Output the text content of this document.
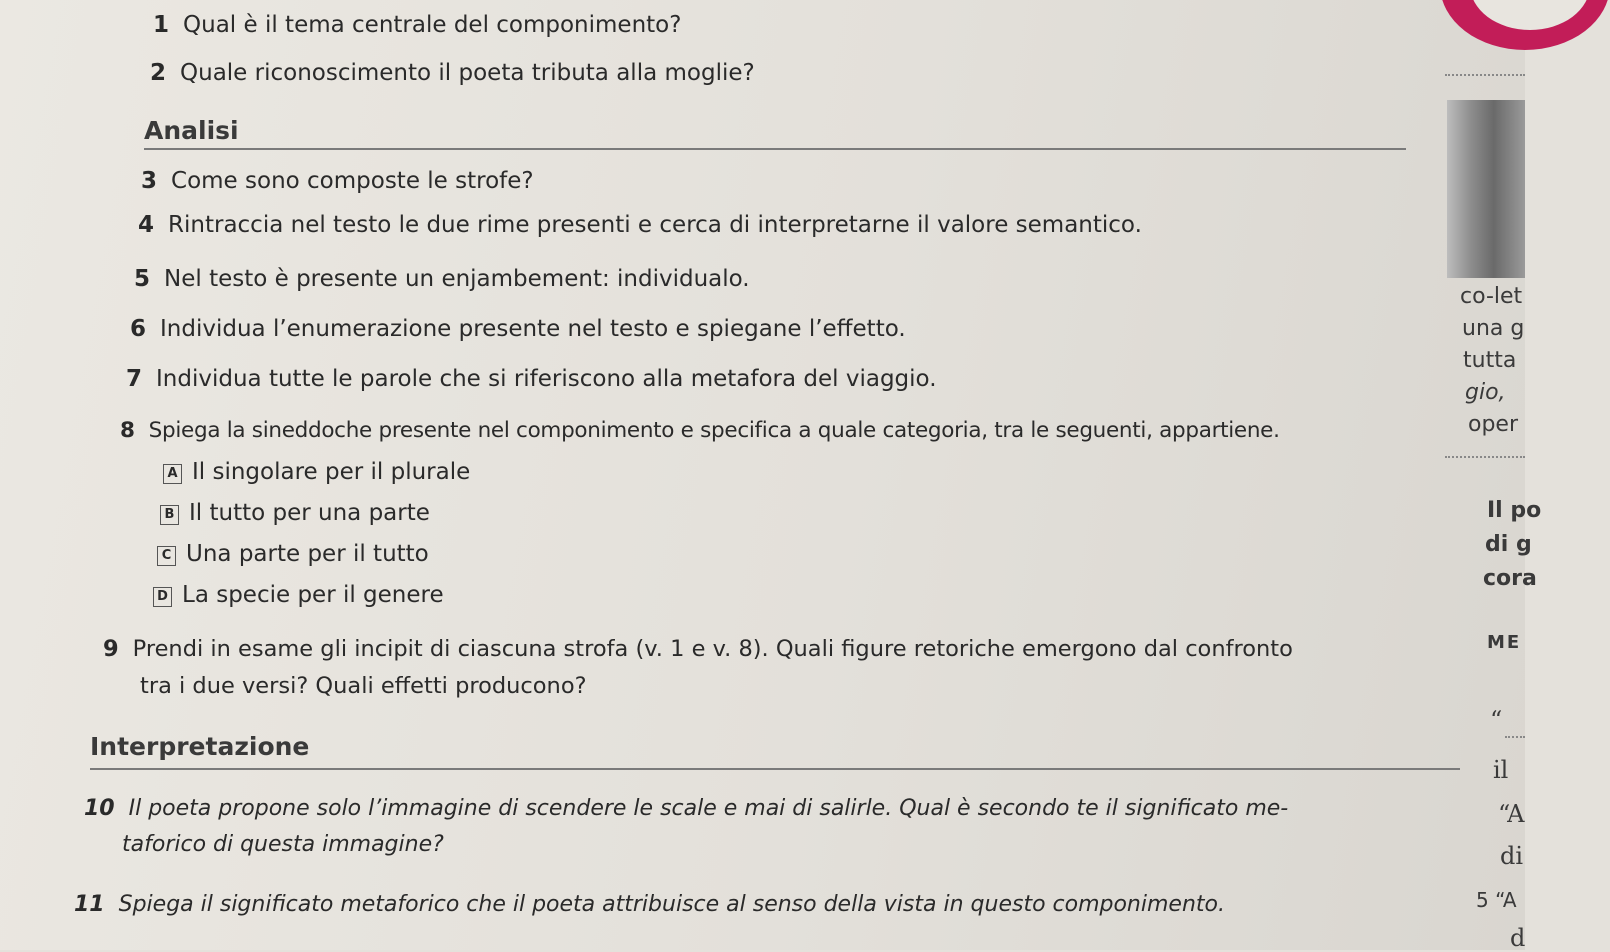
1 Qual è il tema centrale del componimento?
2 Quale riconoscimento il poeta tributa alla moglie?
Analisi
3 Come sono composte le strofe?
4 Rintraccia nel testo le due rime presenti e cerca di interpretarne il valore semantico.
5 Nel testo è presente un enjambement: individualo.
6 Individua l’enumerazione presente nel testo e spiegane l’effetto.
7 Individua tutte le parole che si riferiscono alla metafora del viaggio.
8 Spiega la sineddoche presente nel componimento e specifica a quale categoria, tra le seguenti, appartiene.
A Il singolare per il plurale
B Il tutto per una parte
C Una parte per il tutto
D La specie per il genere
9 Prendi in esame gli incipit di ciascuna strofa (v. 1 e v. 8). Quali figure retoriche emergono dal confronto
tra i due versi? Quali effetti producono?
Interpretazione
10 Il poeta propone solo l’immagine di scendere le scale e mai di salirle. Qual è secondo te il significato me-
taforico di questa immagine?
11 Spiega il significato metaforico che il poeta attribuisce al senso della vista in questo componimento.
co-let
una g
tutta
gio,
oper
Il po
di g
cora
ME
“
il
“A
di
5 “A
d
